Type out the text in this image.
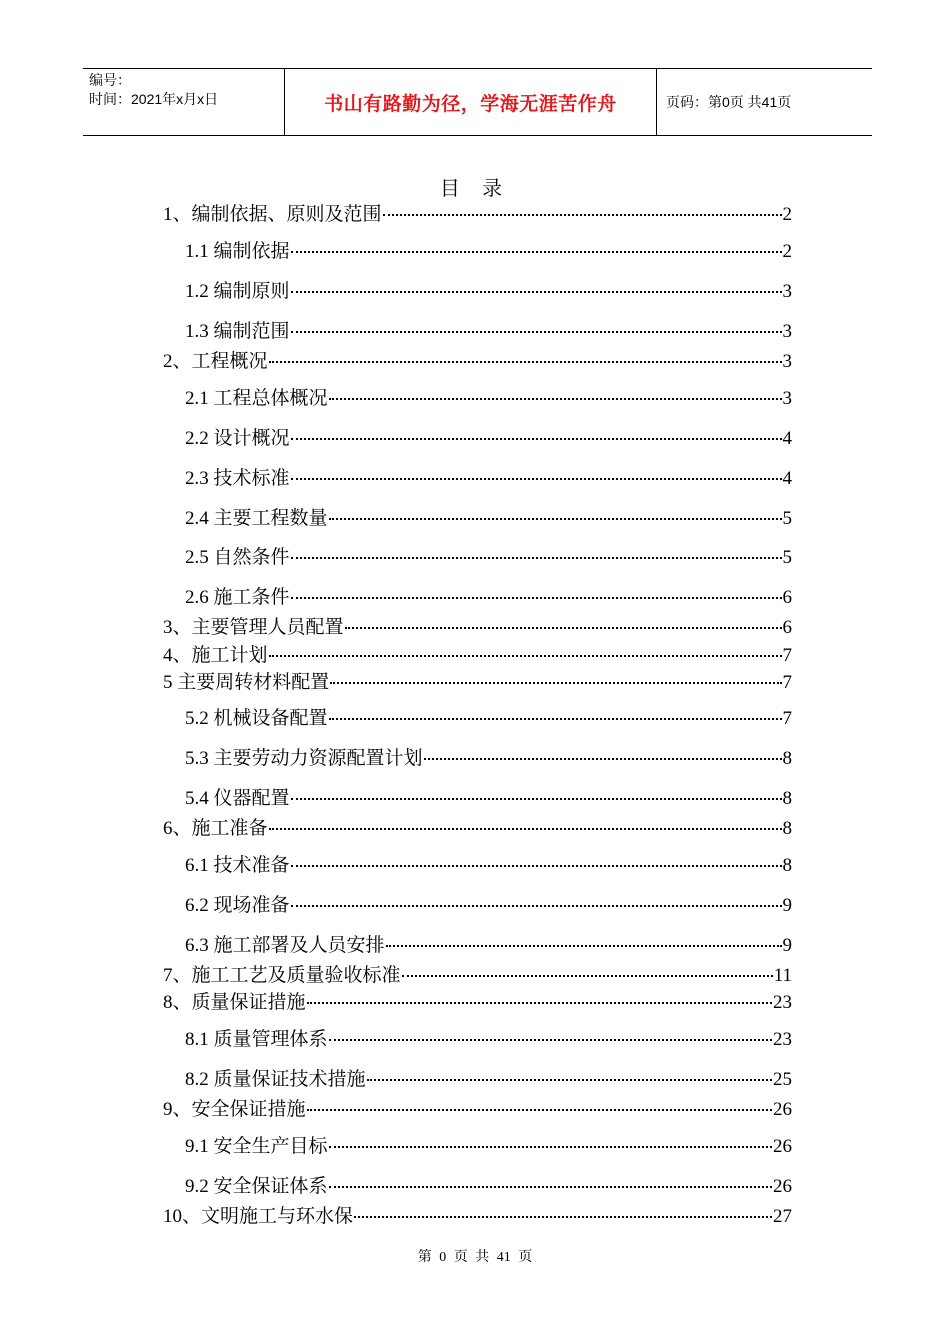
编号：
时间：2021年x月x日	书山有路勤为径，学海无涯苦作舟	页码：第0页 共41页
目 录
1、编制依据、原则及范围	2
1.1 编制依据	2
1.2 编制原则	3
1.3 编制范围	3
2、工程概况	3
2.1 工程总体概况	3
2.2 设计概况	4
2.3 技术标准	4
2.4 主要工程数量	5
2.5 自然条件	5
2.6 施工条件	6
3、主要管理人员配置	6
4、施工计划	7
5 主要周转材料配置	7
5.2 机械设备配置	7
5.3 主要劳动力资源配置计划	8
5.4 仪器配置	8
6、施工准备	8
6.1 技术准备	8
6.2 现场准备	9
6.3 施工部署及人员安排	9
7、施工工艺及质量验收标准	11
8、质量保证措施	23
8.1 质量管理体系	23
8.2 质量保证技术措施	25
9、安全保证措施	26
9.1 安全生产目标	26
9.2 安全保证体系	26
10、文明施工与环水保	27
第 0 页 共 41 页
